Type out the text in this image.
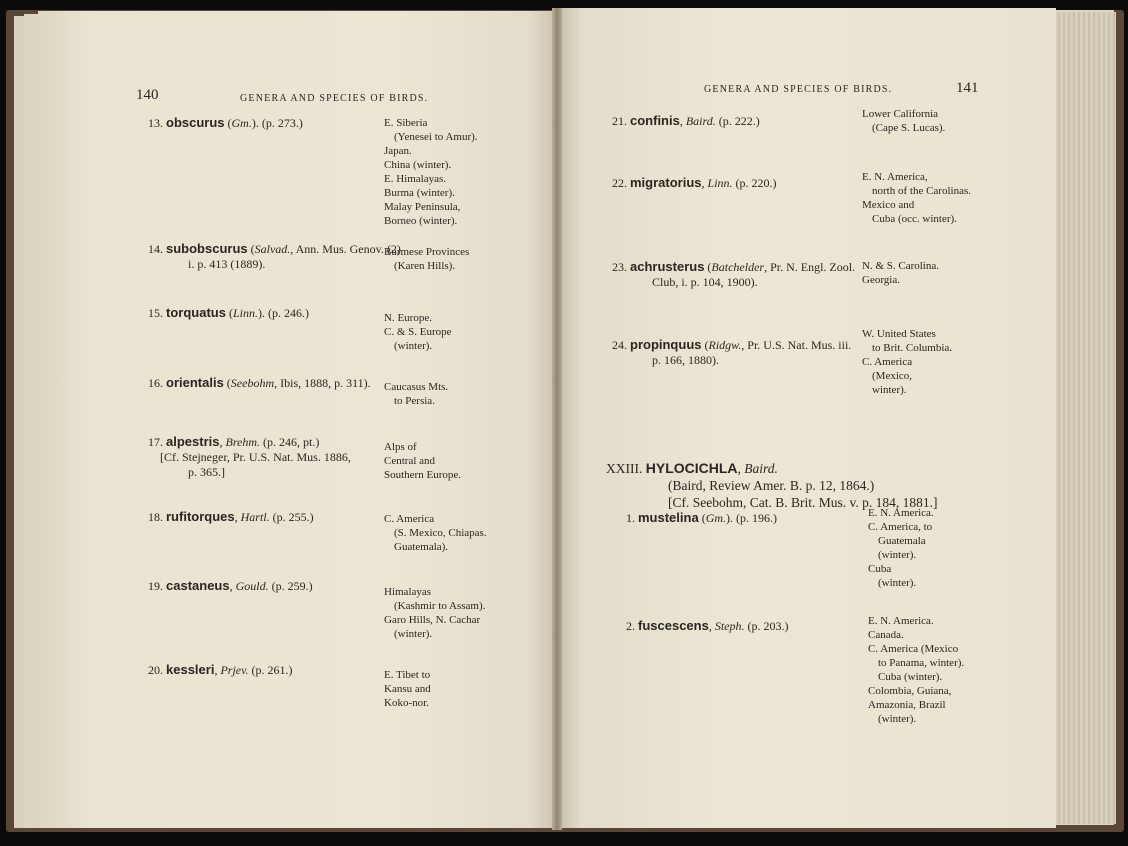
140	GENERA AND SPECIES OF BIRDS.
13. obscurus (Gm.). (p. 273.)	E. Siberia
(Yenesei to Amur).
Japan.
China (winter).
E. Himalayas.
Burma (winter).
Malay Peninsula,
Borneo (winter).
14. subobscurus (Salvad., Ann. Mus. Genov. (2)
i. p. 413 (1889).
Burmese Provinces
(Karen Hills).
15. torquatus (Linn.). (p. 246.)	N. Europe.
C. & S. Europe
(winter).
16. orientalis (Seebohm, Ibis, 1888, p. 311). Caucasus Mts.
to Persia.
17. alpestris, Brehm. (p. 246, pt.)
[Cf. Stejneger, Pr. U.S. Nat. Mus. 1886,
p. 365.]
Alps of
Central and
Southern Europe.
18. rufitorques, Hartl. (p. 255.)	C. America
(S. Mexico, Chiapas.
Guatemala).
19. castaneus, Gould. (p. 259.)	Himalayas
(Kashmir to Assam).
Garo Hills, N. Cachar
(winter).
20. kessleri, Prjev. (p. 261.)	E. Tibet to
Kansu and
Koko-nor.
141
GENERA AND SPECIES OF BIRDS.
21. confinis, Baird. (p. 222.)	Lower California
(Cape S. Lucas).
22. migratorius, Linn. (p. 220.)	E. N. America,
north of the Carolinas.
Mexico and
Cuba (occ. winter).
23. achrusterus (Batchelder, Pr. N. Engl. Zool.
Club, i. p. 104, 1900).
N. & S. Carolina.
Georgia.
24. propinquus (Ridgw., Pr. U.S. Nat. Mus. iii.
p. 166, 1880).
W. United States
to Brit. Columbia.
C. America
(Mexico,
winter).
XXIII. HYLOCICHLA, Baird.
(Baird, Review Amer. B. p. 12, 1864.)
[Cf. Seebohm, Cat. B. Brit. Mus. v. p. 184, 1881.]
1. mustelina (Gm.). (p. 196.)	E. N. America.
C. America, to
Guatemala
(winter).
Cuba
(winter).
2. fuscescens, Steph. (p. 203.)	E. N. America.
Canada.
C. America (Mexico
to Panama, winter).
Cuba (winter).
Colombia, Guiana,
Amazonia, Brazil
(winter).
